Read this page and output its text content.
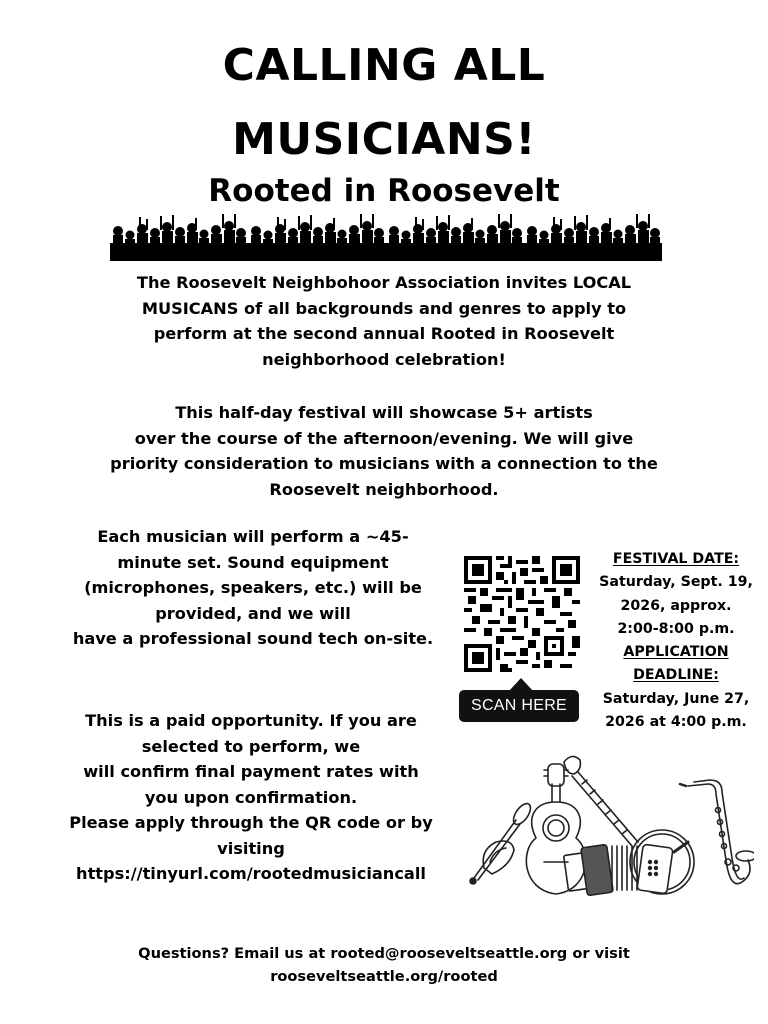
CALLING ALL
MUSICIANS!
Rooted in Roosevelt
The Roosevelt Neighbohoor Association invites LOCAL
MUSICANS of all backgrounds and genres to apply to
perform at the second annual Rooted in Roosevelt
neighborhood celebration!
This half-day festival will showcase 5+ artists
over the course of the afternoon/evening. We will give
priority consideration to musicians with a connection to the
Roosevelt neighborhood.
Each musician will perform a ~45-
minute set. Sound equipment
(microphones, speakers, etc.) will be
provided, and we will
have a professional sound tech on-site.
SCAN HERE
FESTIVAL DATE:
Saturday, Sept. 19,
2026, approx.
2:00-8:00 p.m.
APPLICATION
DEADLINE:
Saturday, June 27,
2026 at 4:00 p.m.
This is a paid opportunity. If you are
selected to perform, we
will confirm final payment rates with
you upon confirmation.
Please apply through the QR code or by
visiting
https://tinyurl.com/rootedmusiciancall
Questions? Email us at rooted@rooseveltseattle.org or visit
rooseveltseattle.org/rooted
